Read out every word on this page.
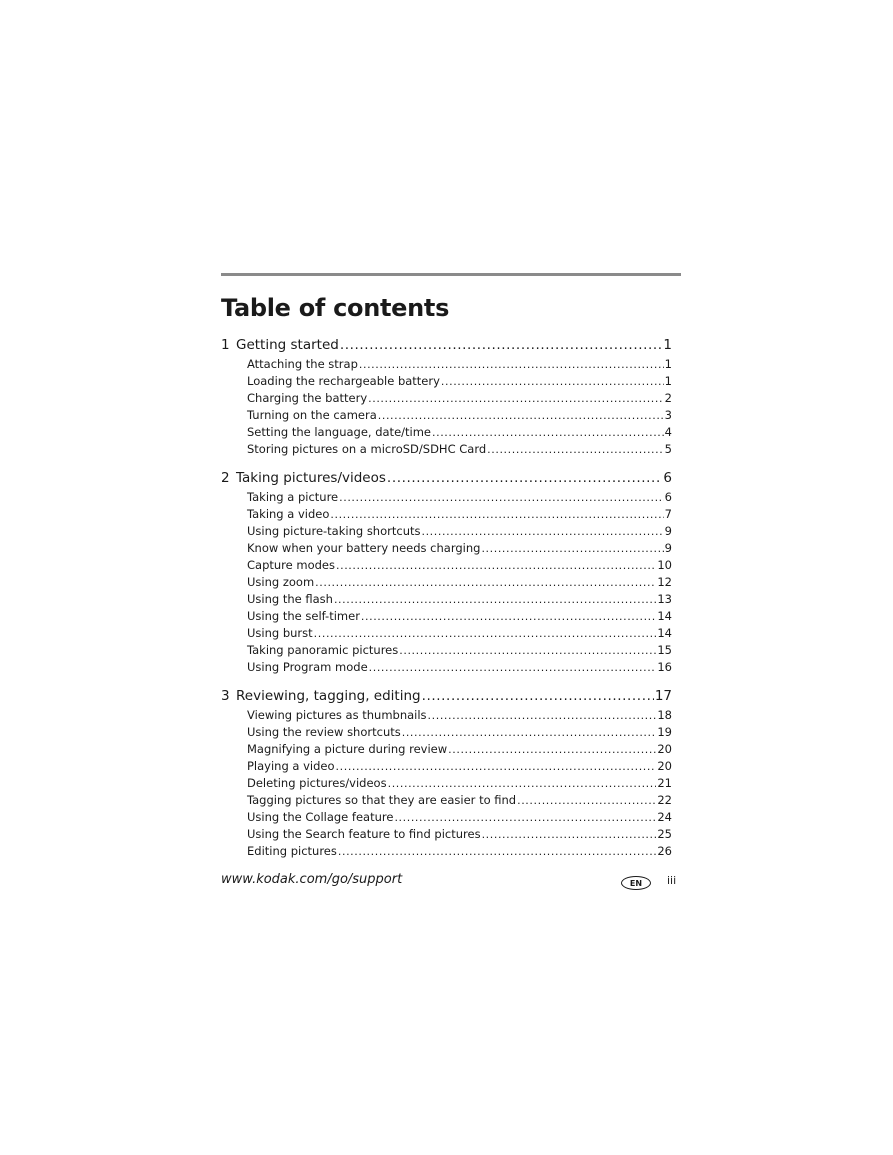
Table of contents
1 Getting started .....	1
Attaching the strap .....	1
Loading the rechargeable battery .....	1
Charging the battery .....	2
Turning on the camera .....	3
Setting the language, date/time .....	4
Storing pictures on a microSD/SDHC Card .....	5
2 Taking pictures/videos .....	6
Taking a picture .....	6
Taking a video .....	7
Using picture-taking shortcuts .....	9
Know when your battery needs charging .....	9
Capture modes .....	10
Using zoom .....	12
Using the flash .....	13
Using the self-timer .....	14
Using burst .....	14
Taking panoramic pictures .....	15
Using Program mode .....	16
3 Reviewing, tagging, editing .....	17
Viewing pictures as thumbnails .....	18
Using the review shortcuts .....	19
Magnifying a picture during review .....	20
Playing a video .....	20
Deleting pictures/videos .....	21
Tagging pictures so that they are easier to find .....	22
Using the Collage feature .....	24
Using the Search feature to find pictures .....	25
Editing pictures .....	26
www.kodak.com/go/support	EN	iii
